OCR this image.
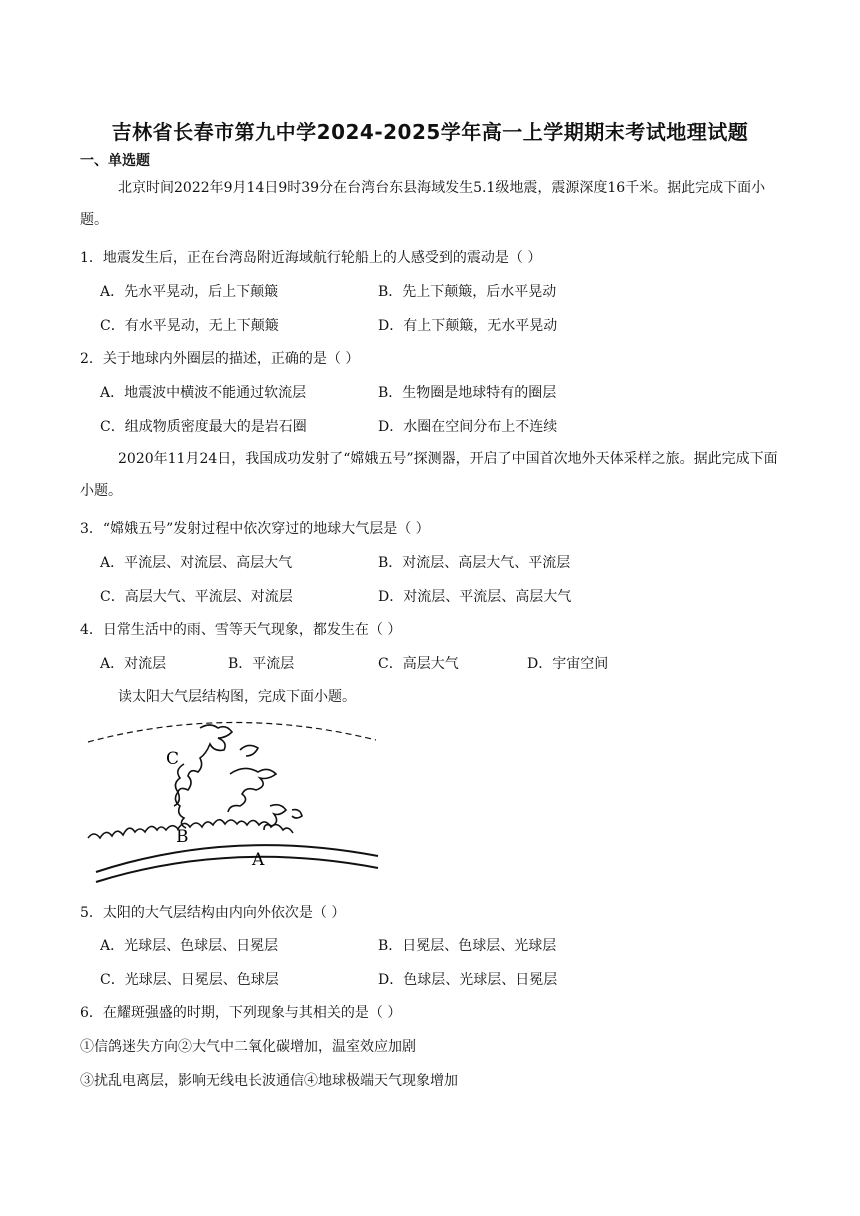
吉林省长春市第九中学2024-2025学年高一上学期期末考试地理试题
一、单选题
北京时间2022年9月14日9时39分在台湾台东县海域发生5.1级地震，震源深度16千米。据此完成下面小题。
1．地震发生后，正在台湾岛附近海域航行轮船上的人感受到的震动是（ ）
A．先水平晃动，后上下颠簸	B．先上下颠簸，后水平晃动
C．有水平晃动，无上下颠簸	D．有上下颠簸，无水平晃动
2．关于地球内外圈层的描述，正确的是（ ）
A．地震波中横波不能通过软流层	B．生物圈是地球特有的圈层
C．组成物质密度最大的是岩石圈	D．水圈在空间分布上不连续
2020年11月24日，我国成功发射了“嫦娥五号”探测器，开启了中国首次地外天体采样之旅。据此完成下面小题。
3．“嫦娥五号”发射过程中依次穿过的地球大气层是（ ）
A．平流层、对流层、高层大气	B．对流层、高层大气、平流层
C．高层大气、平流层、对流层	D．对流层、平流层、高层大气
4．日常生活中的雨、雪等天气现象，都发生在（ ）
A．对流层	B．平流层	C．高层大气	D．宇宙空间
读太阳大气层结构图，完成下面小题。
C
B
A
5．太阳的大气层结构由内向外依次是（ ）
A．光球层、色球层、日冕层	B．日冕层、色球层、光球层
C．光球层、日冕层、色球层	D．色球层、光球层、日冕层
6．在耀斑强盛的时期，下列现象与其相关的是（ ）
①信鸽迷失方向②大气中二氧化碳增加，温室效应加剧
③扰乱电离层，影响无线电长波通信④地球极端天气现象增加
